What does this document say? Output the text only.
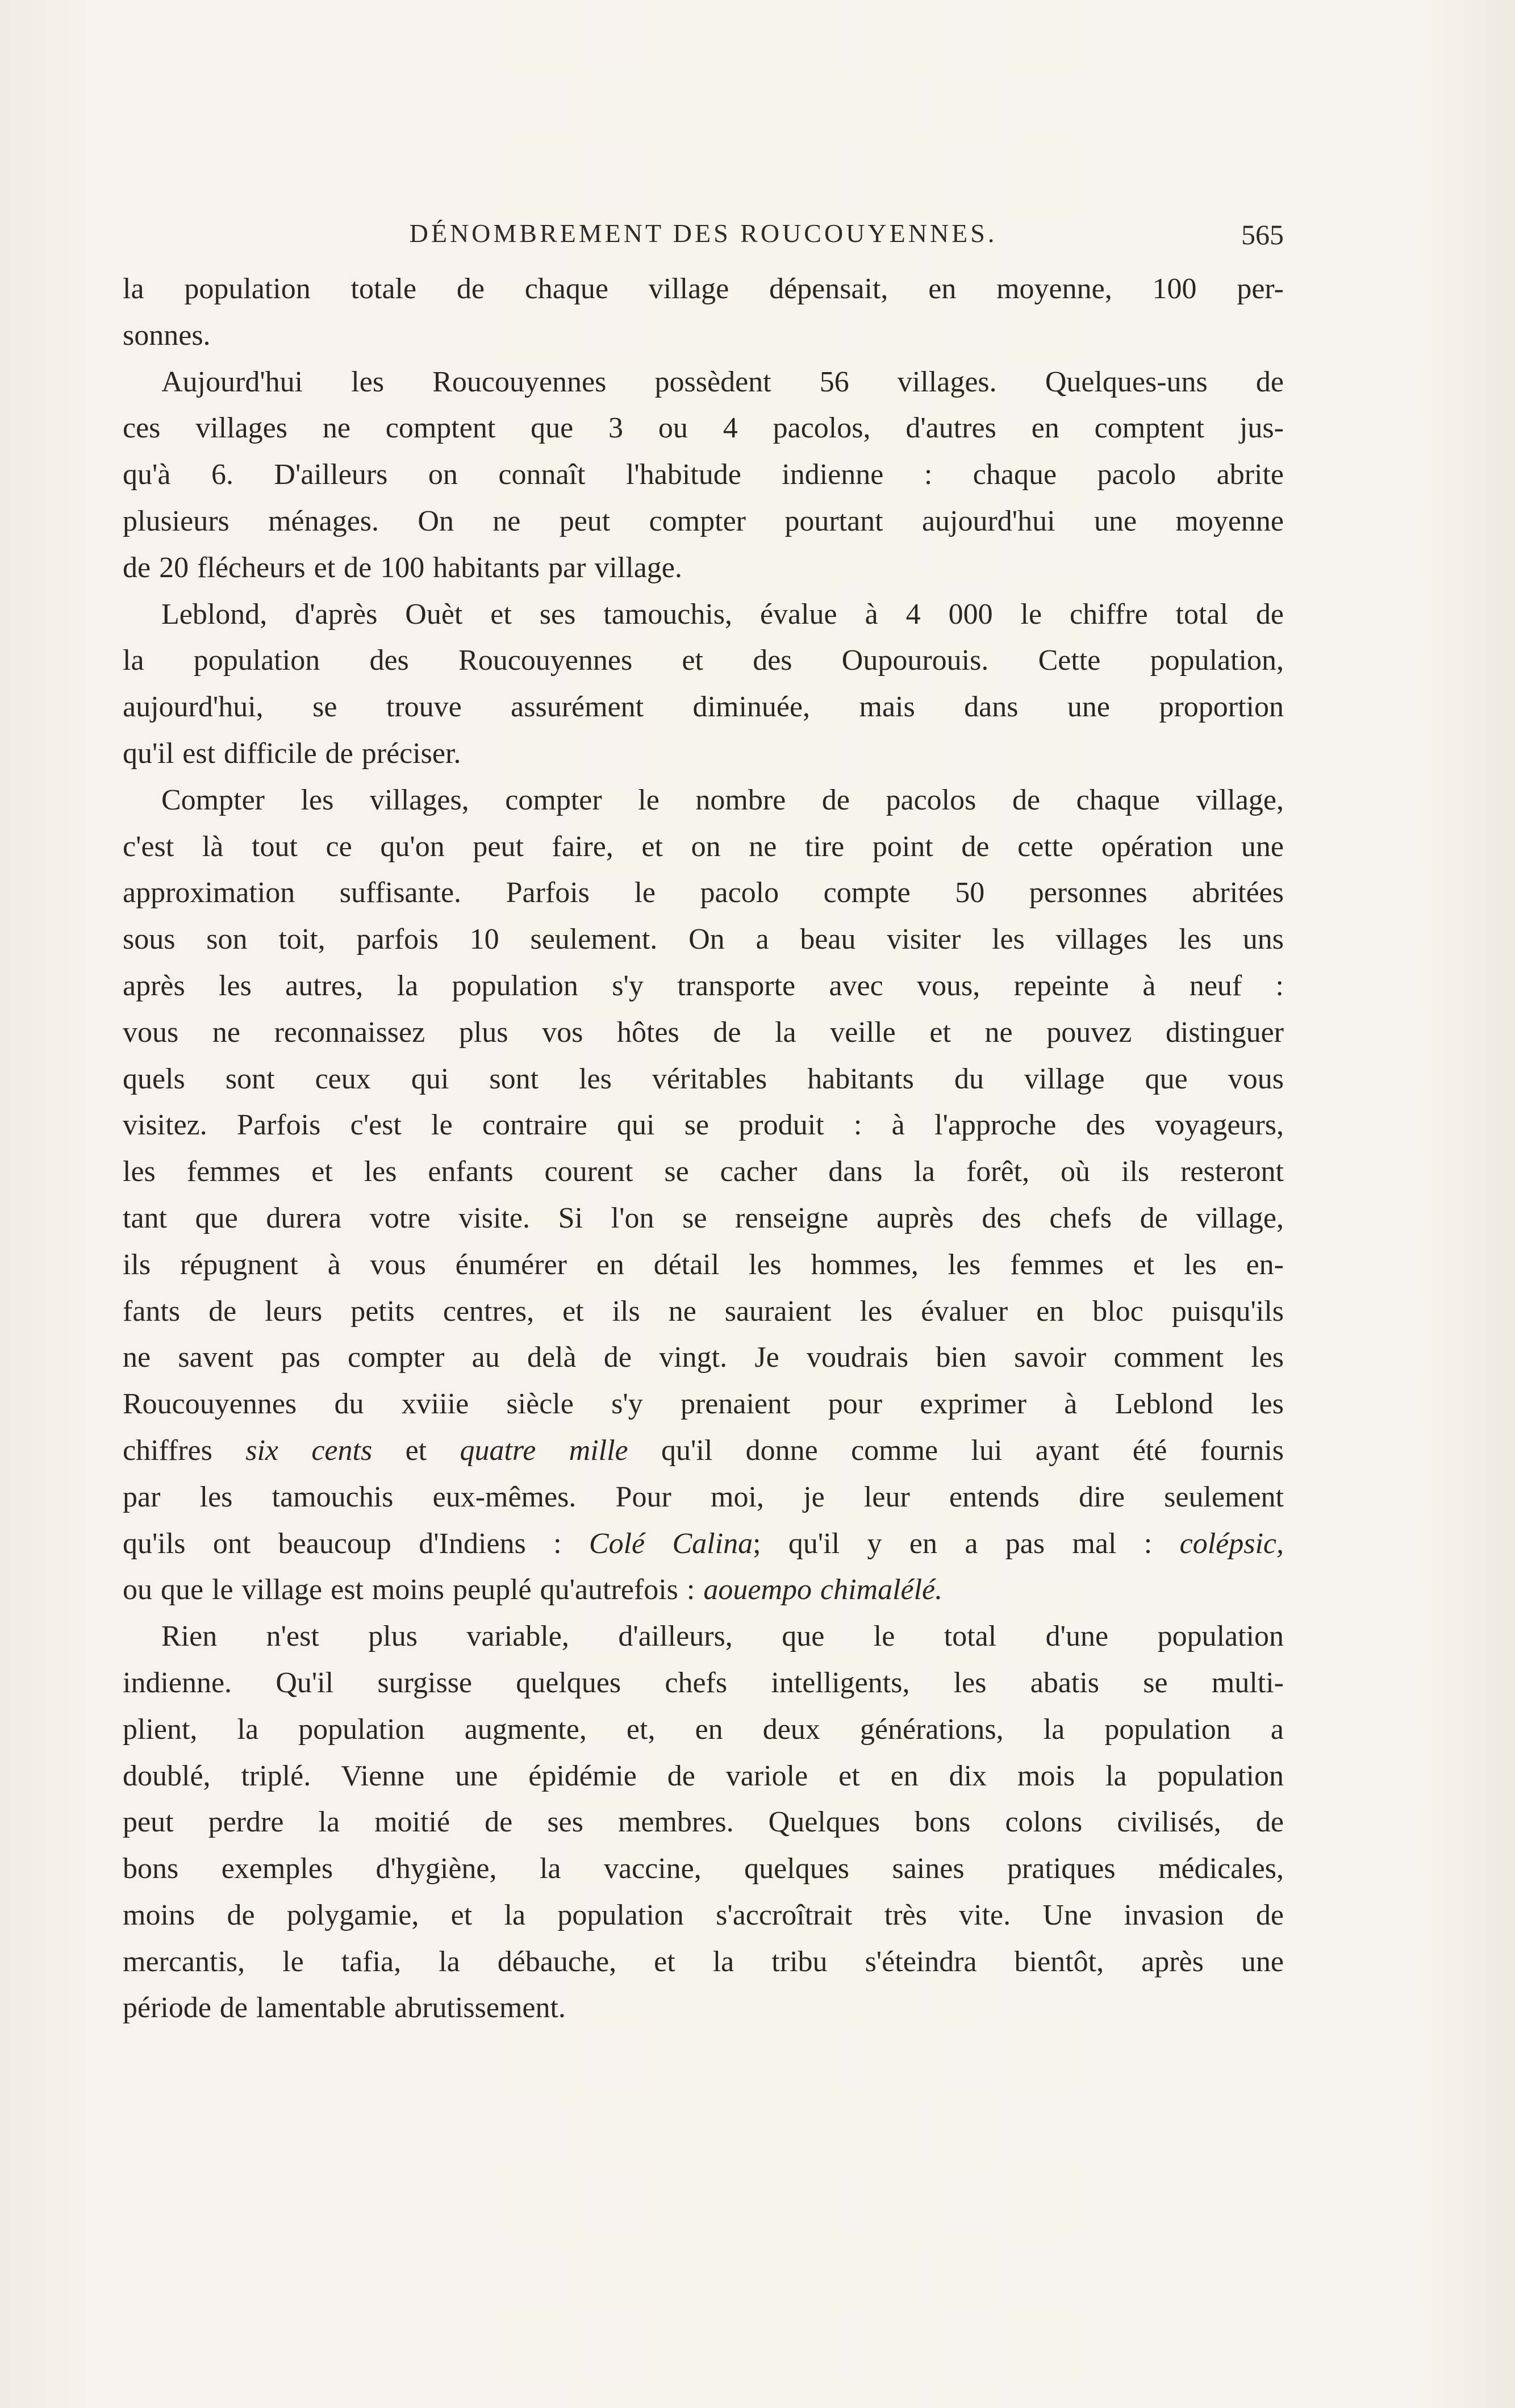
DÉNOMBREMENT DES ROUCOUYENNES.	565
la population totale de chaque village dépensait, en moyenne, 100 per-
sonnes.
Aujourd'hui les Roucouyennes possèdent 56 villages. Quelques-uns de
ces villages ne comptent que 3 ou 4 pacolos, d'autres en comptent jus-
qu'à 6. D'ailleurs on connaît l'habitude indienne : chaque pacolo abrite
plusieurs ménages. On ne peut compter pourtant aujourd'hui une moyenne
de 20 flécheurs et de 100 habitants par village.
Leblond, d'après Ouèt et ses tamouchis, évalue à 4 000 le chiffre total de
la population des Roucouyennes et des Oupourouis. Cette population,
aujourd'hui, se trouve assurément diminuée, mais dans une proportion
qu'il est difficile de préciser.
Compter les villages, compter le nombre de pacolos de chaque village,
c'est là tout ce qu'on peut faire, et on ne tire point de cette opération une
approximation suffisante. Parfois le pacolo compte 50 personnes abritées
sous son toit, parfois 10 seulement. On a beau visiter les villages les uns
après les autres, la population s'y transporte avec vous, repeinte à neuf :
vous ne reconnaissez plus vos hôtes de la veille et ne pouvez distinguer
quels sont ceux qui sont les véritables habitants du village que vous
visitez. Parfois c'est le contraire qui se produit : à l'approche des voyageurs,
les femmes et les enfants courent se cacher dans la forêt, où ils resteront
tant que durera votre visite. Si l'on se renseigne auprès des chefs de village,
ils répugnent à vous énumérer en détail les hommes, les femmes et les en-
fants de leurs petits centres, et ils ne sauraient les évaluer en bloc puisqu'ils
ne savent pas compter au delà de vingt. Je voudrais bien savoir comment les
Roucouyennes du xviiie siècle s'y prenaient pour exprimer à Leblond les
chiffres six cents et quatre mille qu'il donne comme lui ayant été fournis
par les tamouchis eux-mêmes. Pour moi, je leur entends dire seulement
qu'ils ont beaucoup d'Indiens : Colé Calina; qu'il y en a pas mal : colépsic,
ou que le village est moins peuplé qu'autrefois : aouempo chimalélé.
Rien n'est plus variable, d'ailleurs, que le total d'une population
indienne. Qu'il surgisse quelques chefs intelligents, les abatis se multi-
plient, la population augmente, et, en deux générations, la population a
doublé, triplé. Vienne une épidémie de variole et en dix mois la population
peut perdre la moitié de ses membres. Quelques bons colons civilisés, de
bons exemples d'hygiène, la vaccine, quelques saines pratiques médicales,
moins de polygamie, et la population s'accroîtrait très vite. Une invasion de
mercantis, le tafia, la débauche, et la tribu s'éteindra bientôt, après une
période de lamentable abrutissement.
